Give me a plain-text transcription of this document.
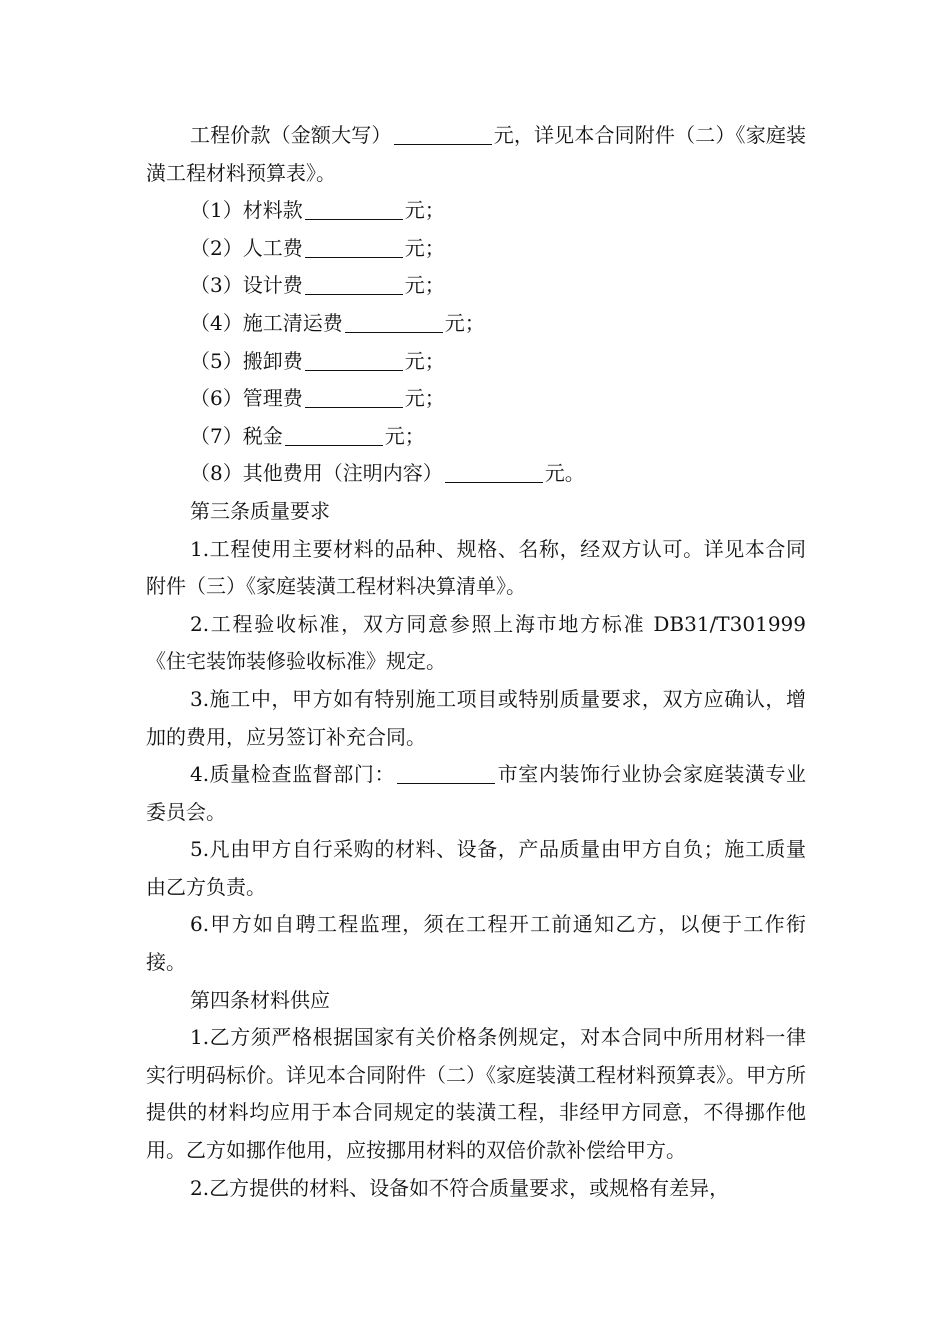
工程价款（金额大写）	元，详见本合同附件（二）《家庭装潢工程材料预算表》。

（1）材料款	元；

（2）人工费	元；

（3）设计费	元；

（4）施工清运费	元；

（5）搬卸费	元；

（6）管理费	元；

（7）税金	元；

（8）其他费用（注明内容）	元。

第三条质量要求

1.工程使用主要材料的品种、规格、名称，经双方认可。详见本合同附件（三）《家庭装潢工程材料决算清单》。

2.工程验收标准，双方同意参照上海市地方标准 DB31/T301999《住宅装饰装修验收标准》规定。

3.施工中，甲方如有特别施工项目或特别质量要求，双方应确认，增加的费用，应另签订补充合同。

4.质量检查监督部门：	市室内装饰行业协会家庭装潢专业委员会。

5.凡由甲方自行采购的材料、设备，产品质量由甲方自负；施工质量由乙方负责。

6.甲方如自聘工程监理，须在工程开工前通知乙方，以便于工作衔接。

第四条材料供应

1.乙方须严格根据国家有关价格条例规定，对本合同中所用材料一律实行明码标价。详见本合同附件（二）《家庭装潢工程材料预算表》。甲方所提供的材料均应用于本合同规定的装潢工程，非经甲方同意，不得挪作他用。乙方如挪作他用，应按挪用材料的双倍价款补偿给甲方。

2.乙方提供的材料、设备如不符合质量要求，或规格有差异，
